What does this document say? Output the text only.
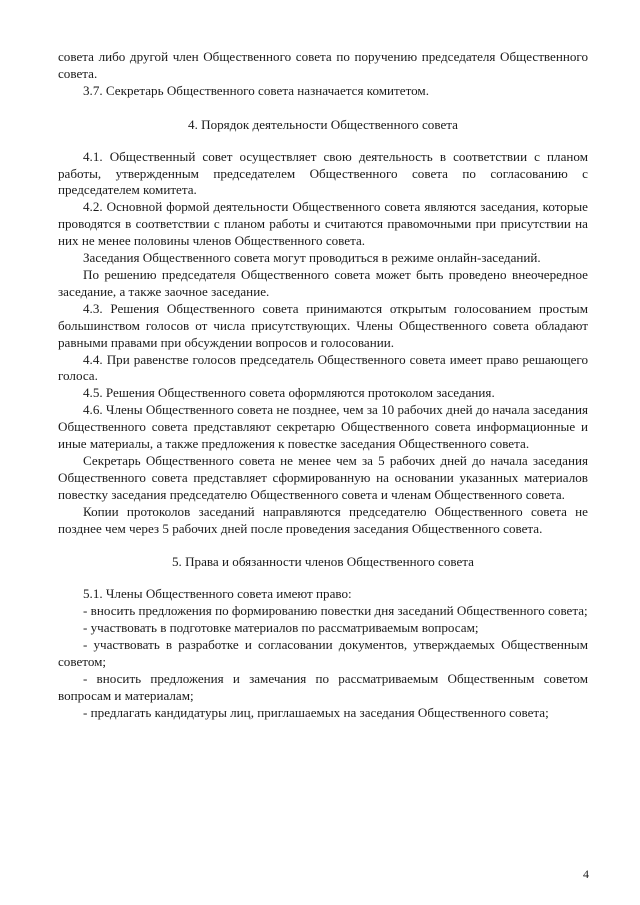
совета либо другой член Общественного совета по поручению председателя Общественного совета.

3.7. Секретарь Общественного совета назначается комитетом.

4. Порядок деятельности Общественного совета

4.1. Общественный совет осуществляет свою деятельность в соответствии с планом работы, утвержденным председателем Общественного совета по согласованию с председателем комитета.

4.2. Основной формой деятельности Общественного совета являются заседания, которые проводятся в соответствии с планом работы и считаются правомочными при присутствии на них не менее половины членов Общественного совета.

Заседания Общественного совета могут проводиться в режиме онлайн-заседаний.

По решению председателя Общественного совета может быть проведено внеочередное заседание, а также заочное заседание.

4.3. Решения Общественного совета принимаются открытым голосованием простым большинством голосов от числа присутствующих. Члены Общественного совета обладают равными правами при обсуждении вопросов и голосовании.

4.4. При равенстве голосов председатель Общественного совета имеет право решающего голоса.

4.5. Решения Общественного совета оформляются протоколом заседания.

4.6. Члены Общественного совета не позднее, чем за 10 рабочих дней до начала заседания Общественного совета представляют секретарю Общественного совета информационные и иные материалы, а также предложения к повестке заседания Общественного совета.

Секретарь Общественного совета не менее чем за 5 рабочих дней до начала заседания Общественного совета представляет сформированную на основании указанных материалов повестку заседания председателю Общественного совета и членам Общественного совета.

Копии протоколов заседаний направляются председателю Общественного совета не позднее чем через 5 рабочих дней после проведения заседания Общественного совета.

5. Права и обязанности членов Общественного совета

5.1. Члены Общественного совета имеют право:

- вносить предложения по формированию повестки дня заседаний Общественного совета;

- участвовать в подготовке материалов по рассматриваемым вопросам;

- участвовать в разработке и согласовании документов, утверждаемых Общественным советом;

- вносить предложения и замечания по рассматриваемым Общественным советом вопросам и материалам;

- предлагать кандидатуры лиц, приглашаемых на заседания Общественного совета;

4
